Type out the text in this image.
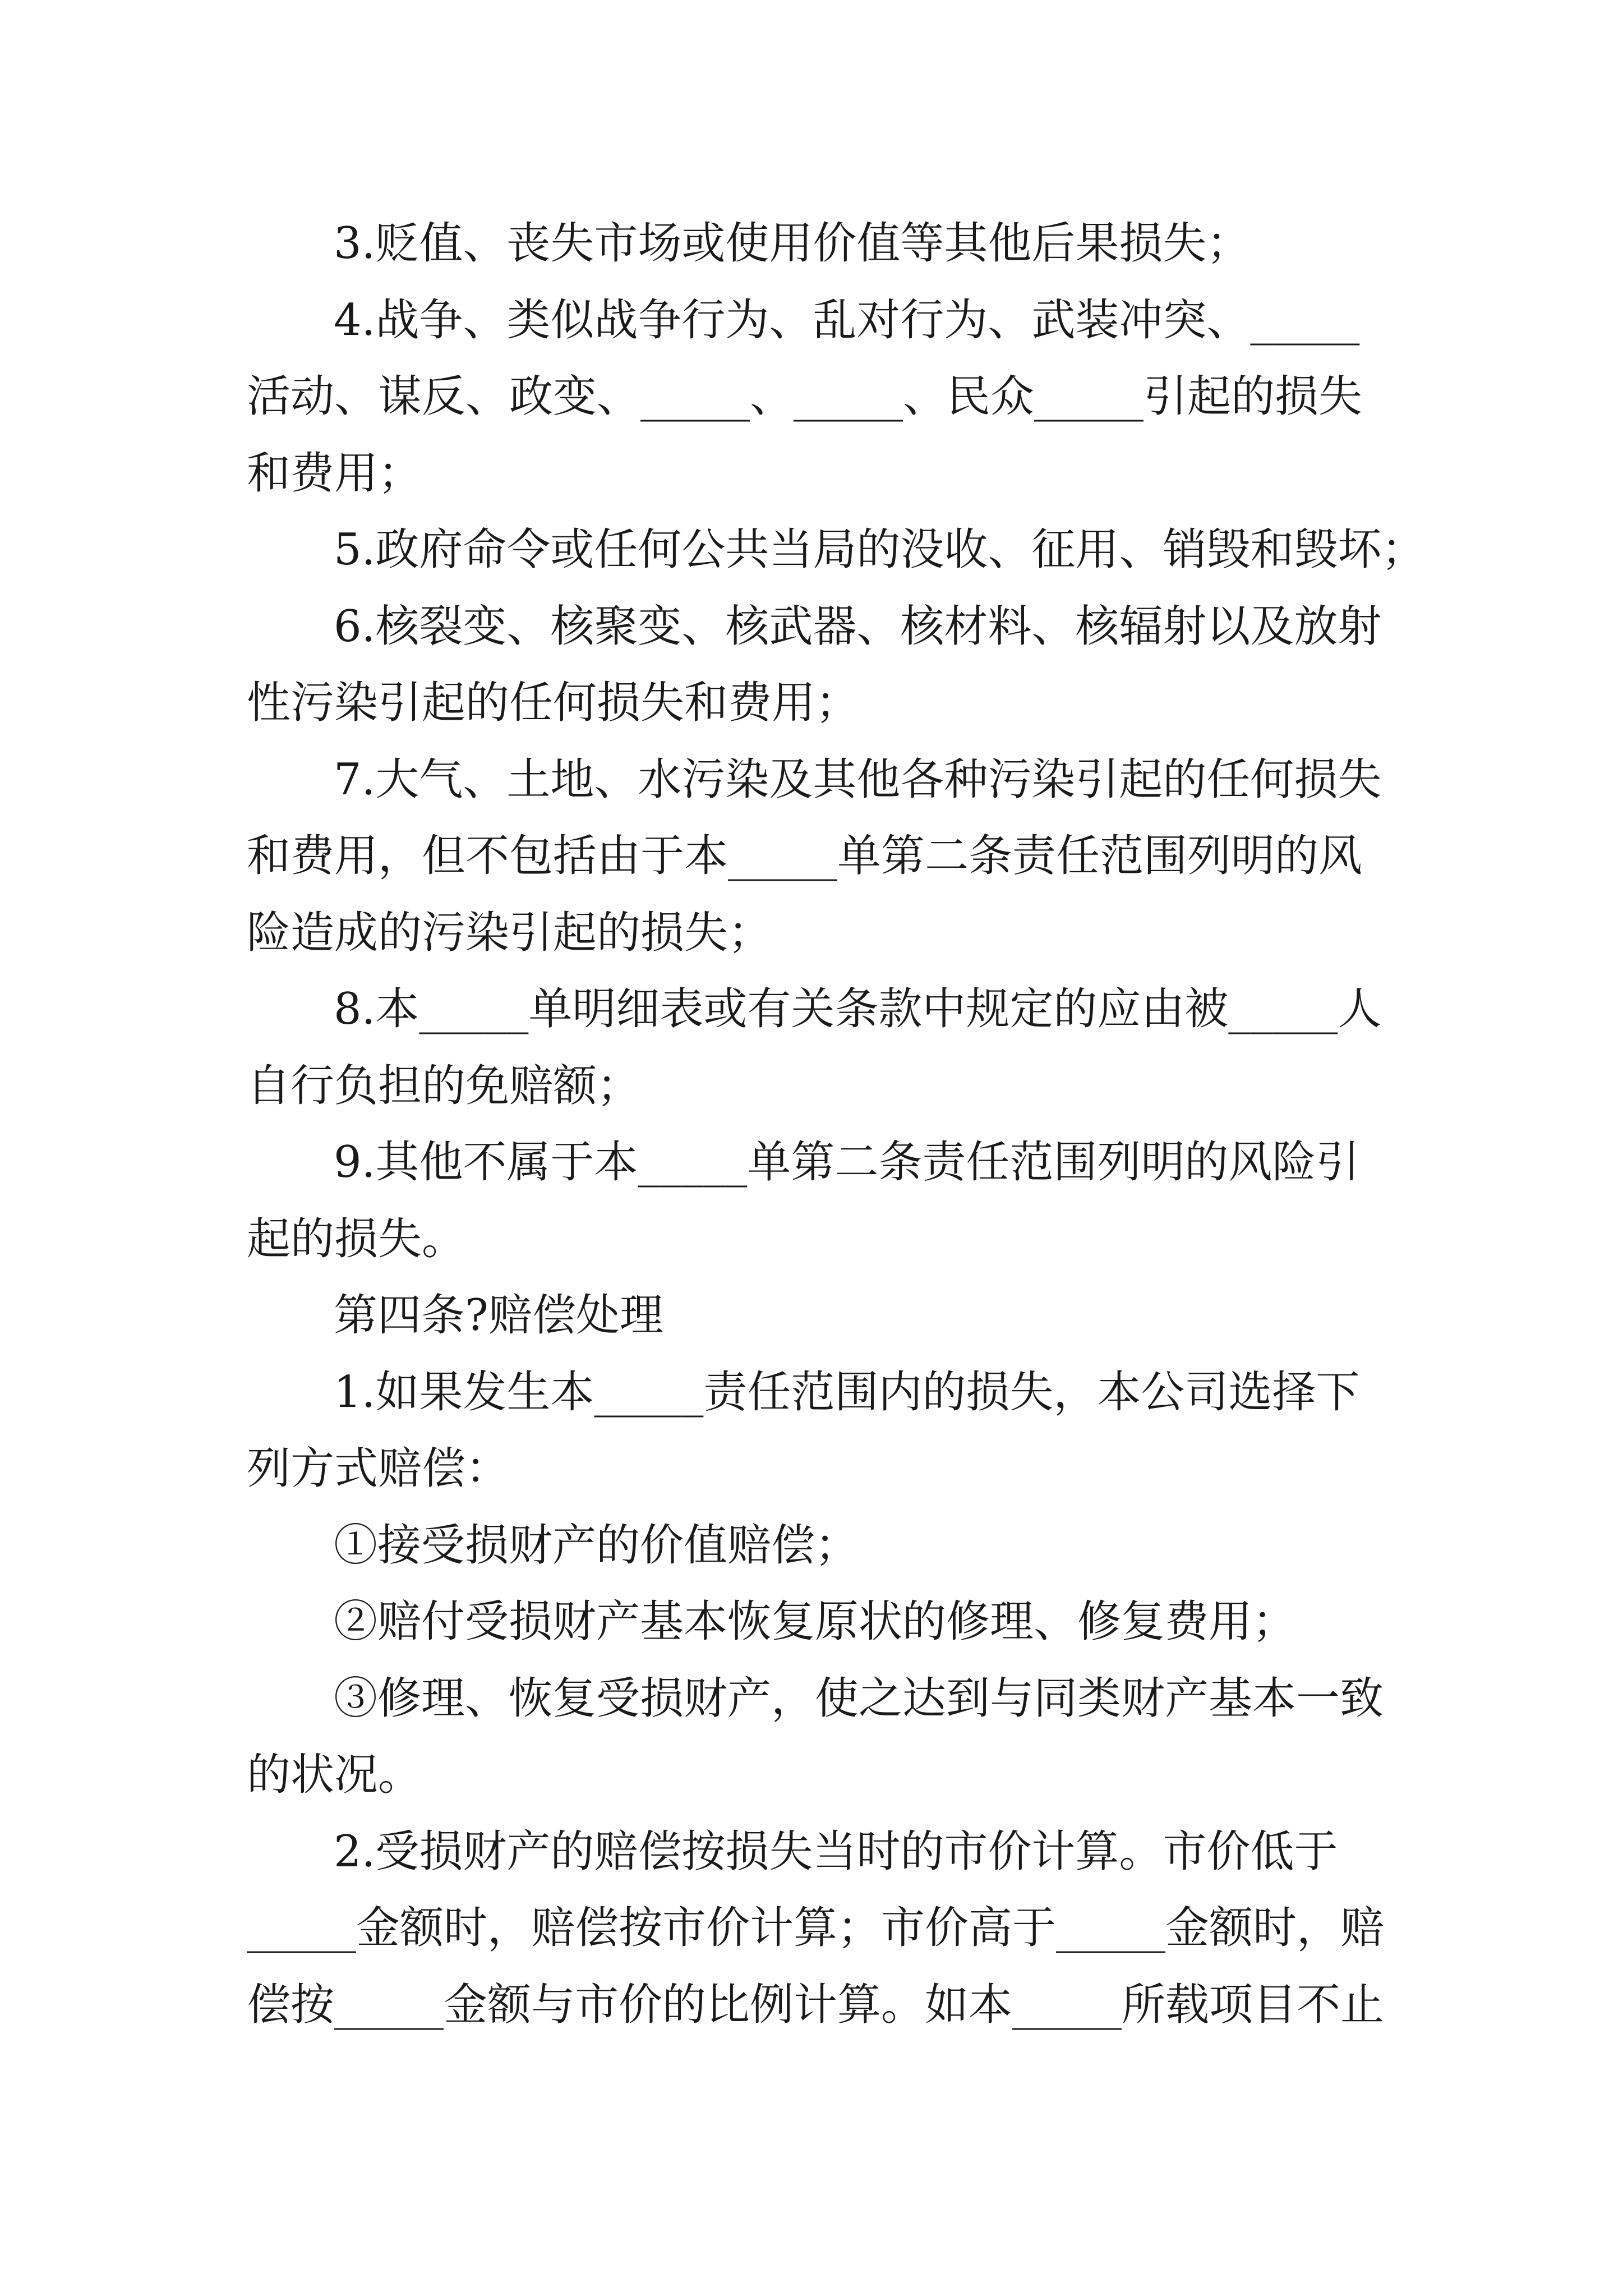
3.贬值、丧失市场或使用价值等其他后果损失；
4.战争、类似战争行为、乱对行为、武装冲突、_____
活动、谋反、政变、_____、_____、民众_____引起的损失
和费用；
5.政府命令或任何公共当局的没收、征用、销毁和毁坏；
6.核裂变、核聚变、核武器、核材料、核辐射以及放射
性污染引起的任何损失和费用；
7.大气、土地、水污染及其他各种污染引起的任何损失
和费用，但不包括由于本_____单第二条责任范围列明的风
险造成的污染引起的损失；
8.本_____单明细表或有关条款中规定的应由被_____人
自行负担的免赔额；
9.其他不属于本_____单第二条责任范围列明的风险引
起的损失。
第四条?赔偿处理
1.如果发生本_____责任范围内的损失，本公司选择下
列方式赔偿：
①接受损财产的价值赔偿；
②赔付受损财产基本恢复原状的修理、修复费用；
③修理、恢复受损财产，使之达到与同类财产基本一致
的状况。
2.受损财产的赔偿按损失当时的市价计算。市价低于
_____金额时，赔偿按市价计算；市价高于_____金额时，赔
偿按_____金额与市价的比例计算。如本_____所载项目不止
